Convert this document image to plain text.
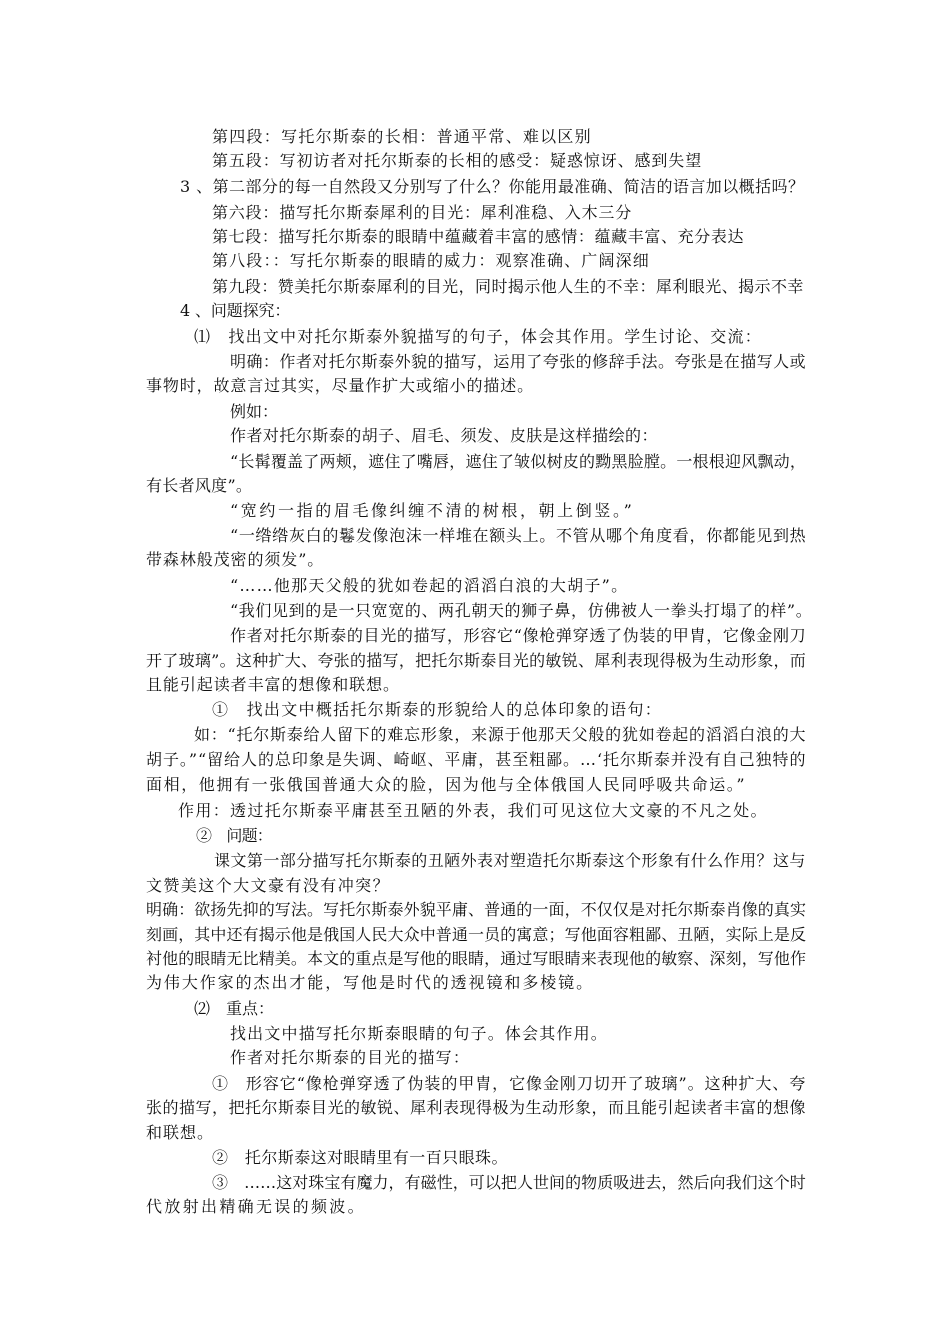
第四段：写托尔斯泰的长相：普通平常、难以区别
第五段：写初访者对托尔斯泰的长相的感受：疑惑惊讶、感到失望
3 、第二部分的每一自然段又分别写了什么？你能用最准确、简洁的语言加以概括吗？
第六段：描写托尔斯泰犀利的目光：犀利准稳、入木三分
第七段：描写托尔斯泰的眼睛中蕴藏着丰富的感情：蕴藏丰富、充分表达
第八段：：写托尔斯泰的眼睛的威力：观察准确、广阔深细
第九段：赞美托尔斯泰犀利的目光，同时揭示他人生的不幸：犀利眼光、揭示不幸
4 、问题探究：
⑴　找出文中对托尔斯泰外貌描写的句子，体会其作用。学生讨论、交流：
明确：作者对托尔斯泰外貌的描写，运用了夸张的修辞手法。夸张是在描写人或
事物时，故意言过其实，尽量作扩大或缩小的描述。
例如：
作者对托尔斯泰的胡子、眉毛、须发、皮肤是这样描绘的：
“长髯覆盖了两颊，遮住了嘴唇，遮住了皱似树皮的黝黑脸膛。一根根迎风飘动，
有长者风度”。
“宽约一指的眉毛像纠缠不清的树根，朝上倒竖。”
“一绺绺灰白的鬈发像泡沫一样堆在额头上。不管从哪个角度看，你都能见到热
带森林般茂密的须发”。
“……他那天父般的犹如卷起的滔滔白浪的大胡子”。
“我们见到的是一只宽宽的、两孔朝天的狮子鼻，仿佛被人一拳头打塌了的样”。
作者对托尔斯泰的目光的描写，形容它“像枪弹穿透了伪装的甲胄，它像金刚刀
开了玻璃”。这种扩大、夸张的描写，把托尔斯泰目光的敏锐、犀利表现得极为生动形象，而
且能引起读者丰富的想像和联想。
①　找出文中概括托尔斯泰的形貌给人的总体印象的语句：
如：“托尔斯泰给人留下的难忘形象，来源于他那天父般的犹如卷起的滔滔白浪的大
胡子。”“留给人的总印象是失调、崎岖、平庸，甚至粗鄙。…‘托尔斯泰并没有自己独特的
面相，他拥有一张俄国普通大众的脸，因为他与全体俄国人民同呼吸共命运。”
作用：透过托尔斯泰平庸甚至丑陋的外表，我们可见这位大文豪的不凡之处。
②　问题：
课文第一部分描写托尔斯泰的丑陋外表对塑造托尔斯泰这个形象有什么作用？这与
文赞美这个大文豪有没有冲突？
明确：欲扬先抑的写法。写托尔斯泰外貌平庸、普通的一面，不仅仅是对托尔斯泰肖像的真实
刻画，其中还有揭示他是俄国人民大众中普通一员的寓意；写他面容粗鄙、丑陋，实际上是反
衬他的眼睛无比精美。本文的重点是写他的眼睛，通过写眼睛来表现他的敏察、深刻，写他作
为伟大作家的杰出才能，写他是时代的透视镜和多棱镜。
⑵　重点：
找出文中描写托尔斯泰眼睛的句子。体会其作用。
作者对托尔斯泰的目光的描写：
①　形容它“像枪弹穿透了伪装的甲胄，它像金刚刀切开了玻璃”。这种扩大、夸
张的描写，把托尔斯泰目光的敏锐、犀利表现得极为生动形象，而且能引起读者丰富的想像
和联想。
②　托尔斯泰这对眼睛里有一百只眼珠。
③　……这对珠宝有魔力，有磁性，可以把人世间的物质吸进去，然后向我们这个时
代放射出精确无误的频波。
